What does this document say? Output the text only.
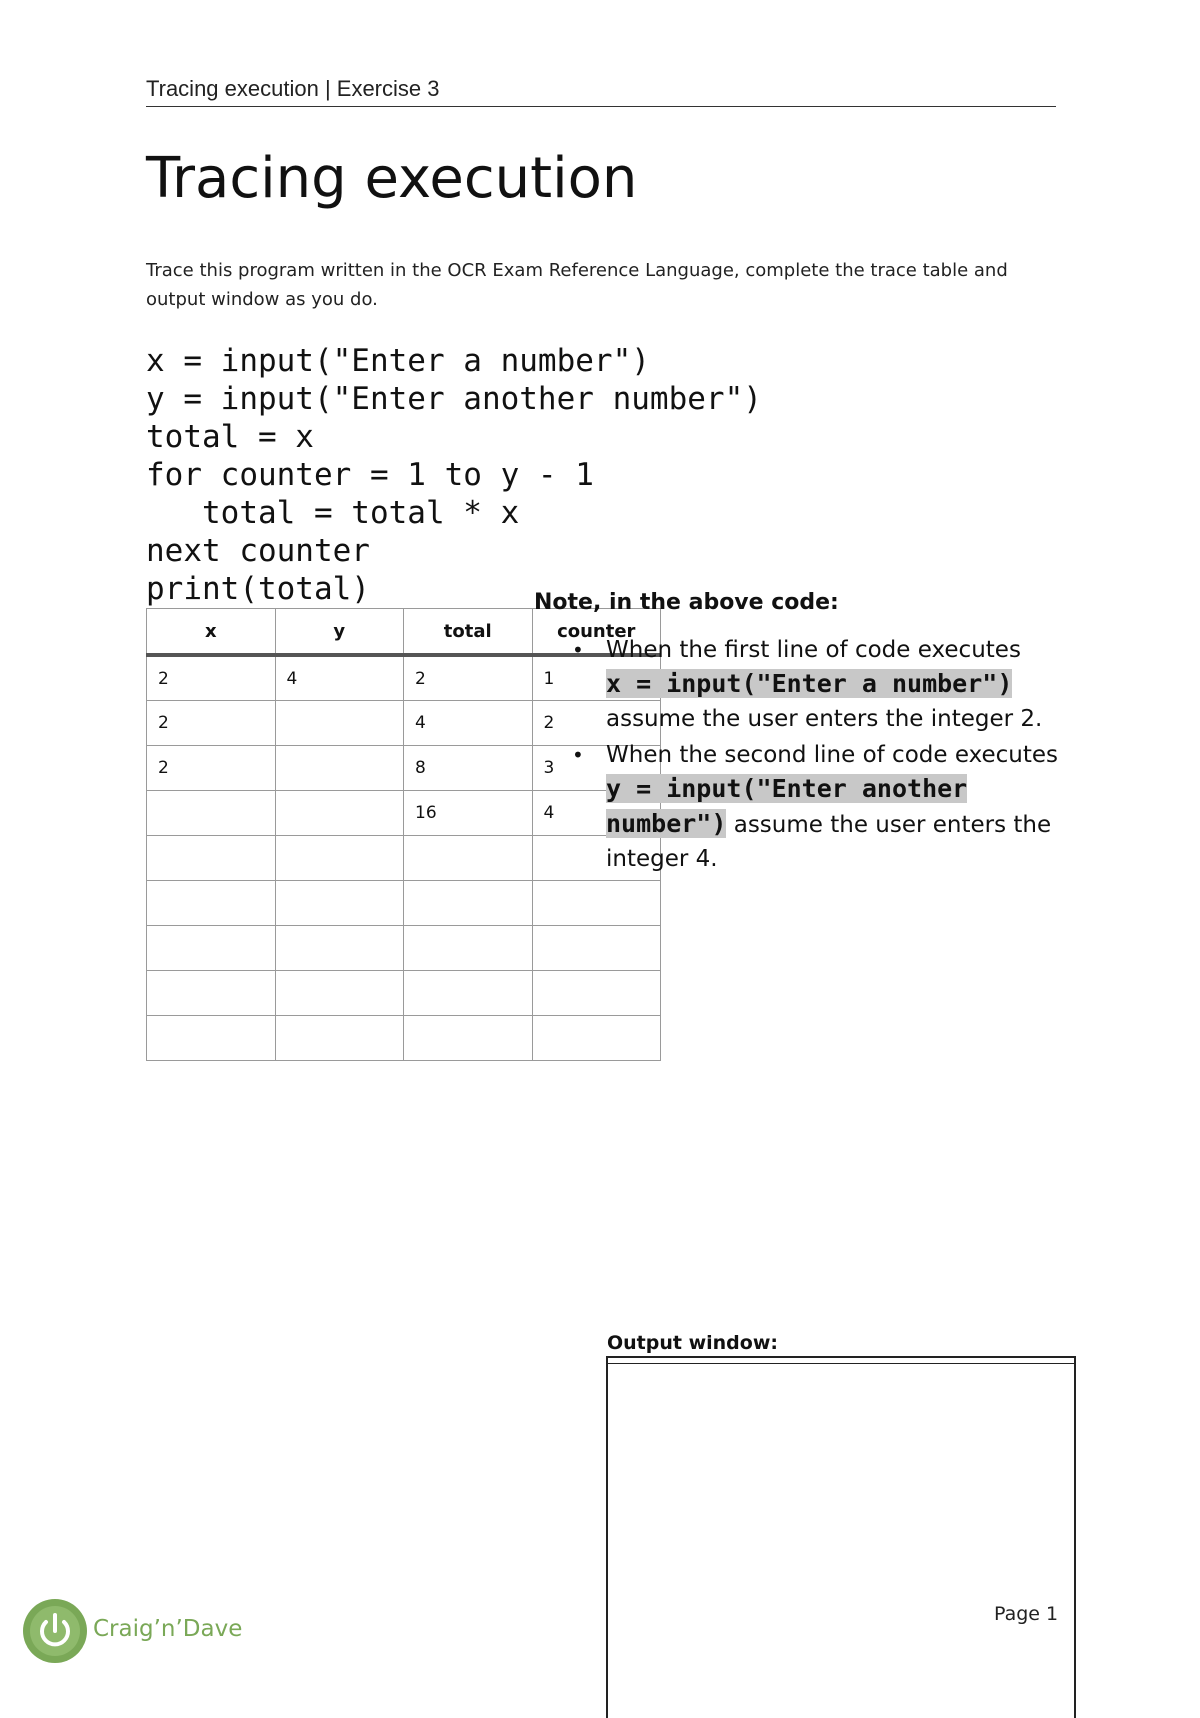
Tracing execution | Exercise 3
Tracing execution
Trace this program written in the OCR Exam Reference Language, complete the trace table and output window as you do.
x = input("Enter a number")
y = input("Enter another number")
total = x
for counter = 1 to y - 1
total = total * x
next counter
print(total)
x	y	total	counter
2	4	2	1
2		4	2
2		8	3
		16	4

Note, in the above code:

• When the first line of code executes
x = input("Enter a number")
assume the user enters the integer 2.
• When the second line of code executes
y = input("Enter another number") assume the user enters the integer 4.
Output window:
Page 1
Craig’n’Dave
